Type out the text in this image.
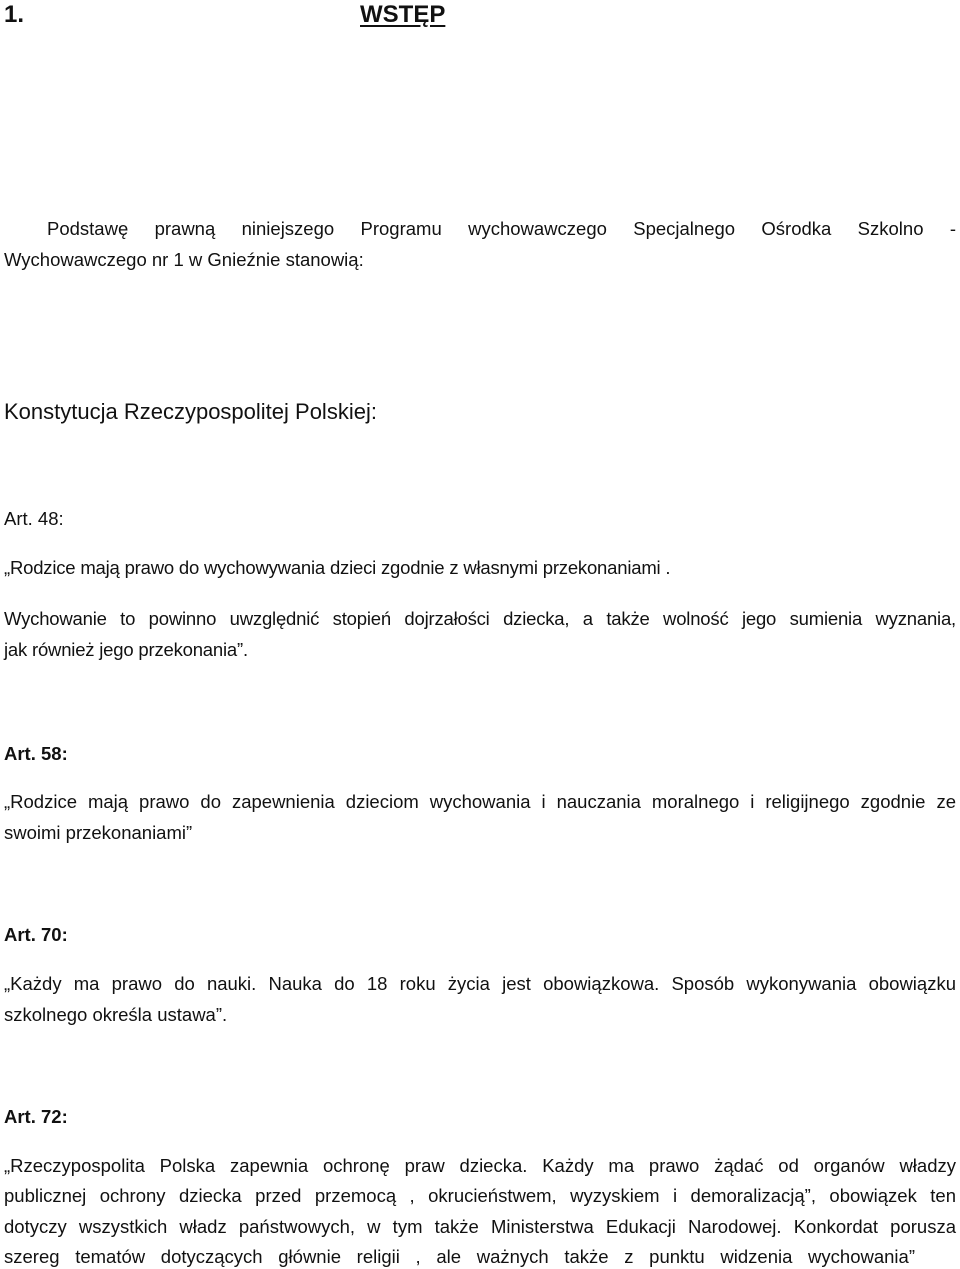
1.	WSTĘP
Podstawę prawną niniejszego Programu wychowawczego Specjalnego Ośrodka Szkolno -
Wychowawczego nr 1 w Gnieźnie stanowią:
Konstytucja Rzeczypospolitej Polskiej:
Art. 48:
„Rodzice mają prawo do wychowywania dzieci zgodnie z własnymi przekonaniami .
Wychowanie to powinno uwzględnić stopień dojrzałości dziecka, a także wolność jego sumienia wyznania,
jak również jego przekonania”.
Art. 58:
„Rodzice mają prawo do zapewnienia dzieciom wychowania i nauczania moralnego i religijnego zgodnie ze
swoimi przekonaniami”
Art. 70:
„Każdy ma prawo do nauki. Nauka do 18 roku życia jest obowiązkowa. Sposób wykonywania obowiązku
szkolnego określa ustawa”.
Art. 72:
„Rzeczypospolita Polska zapewnia ochronę praw dziecka. Każdy ma prawo żądać od organów władzy
publicznej ochrony dziecka przed przemocą , okrucieństwem, wyzyskiem i demoralizacją”, obowiązek ten
dotyczy wszystkich władz państwowych, w tym także Ministerstwa Edukacji Narodowej. Konkordat porusza
szereg tematów dotyczących głównie religii , ale ważnych także z punktu widzenia wychowania”
